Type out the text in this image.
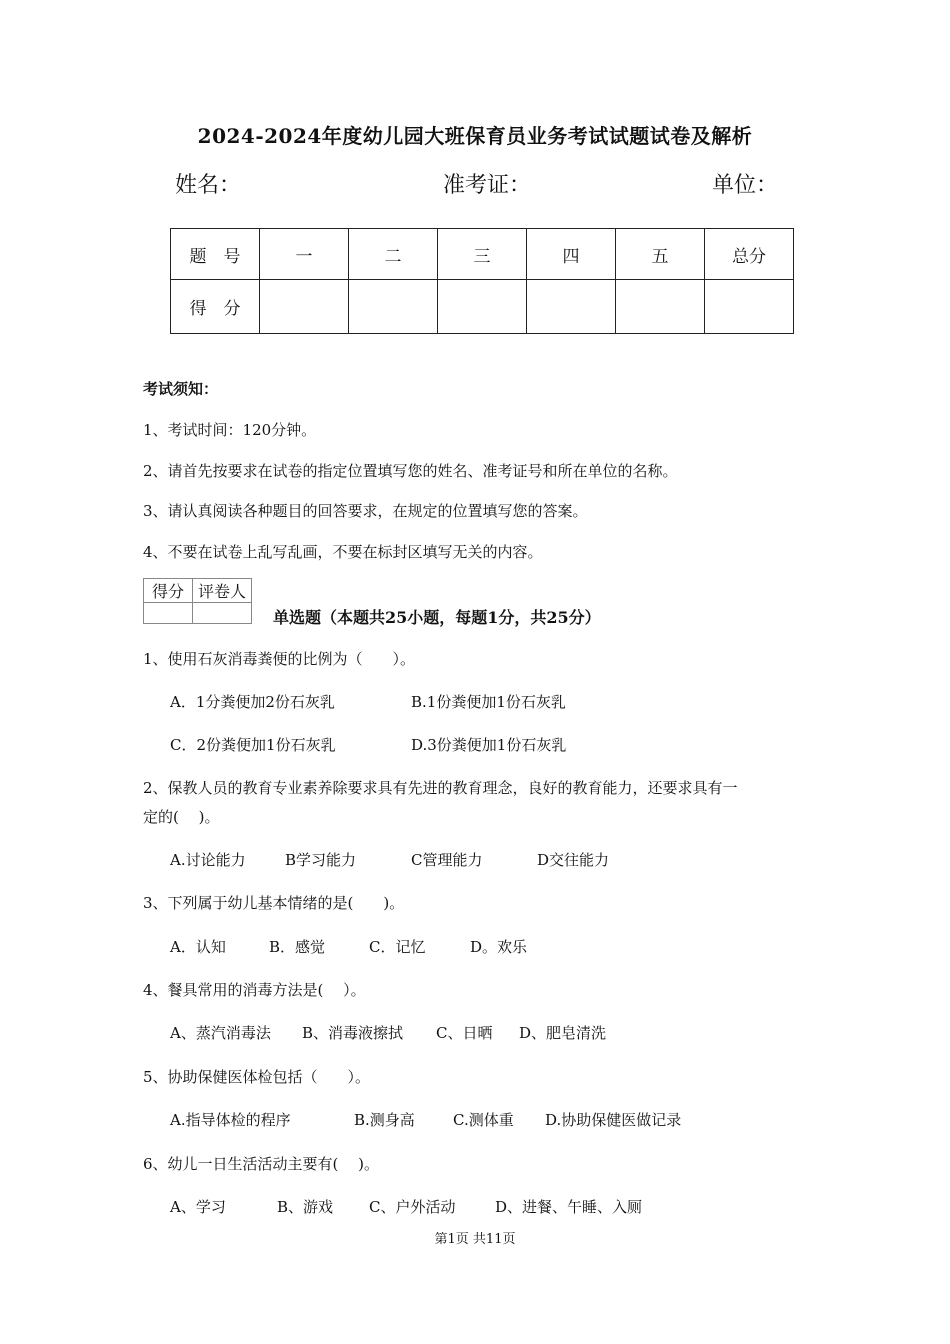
2024-2024年度幼儿园大班保育员业务考试试题试卷及解析
姓名：	准考证：	单位：
题　号	一	二	三	四	五	总分
得　分						
考试须知：
1、考试时间：120分钟。
2、请首先按要求在试卷的指定位置填写您的姓名、准考证号和所在单位的名称。
3、请认真阅读各种题目的回答要求，在规定的位置填写您的答案。
4、不要在试卷上乱写乱画，不要在标封区填写无关的内容。
得分	评卷人

单选题（本题共25小题，每题1分，共25分）
1、使用石灰消毒粪便的比例为（　　）。
A．1分粪便加2份石灰乳	B.1份粪便加1份石灰乳
C．2份粪便加1份石灰乳	D.3份粪便加1份石灰乳
2、保教人员的教育专业素养除要求具有先进的教育理念，良好的教育能力，还要求具有一
定的(　 )。
A.讨论能力	B学习能力	C管理能力	D交往能力
3、下列属于幼儿基本情绪的是(　　)。
A．认知	B．感觉	C．记忆	D。欢乐
4、餐具常用的消毒方法是(　 ）。
A、蒸汽消毒法 B、消毒液擦拭 C、日晒 D、肥皂清洗
5、协助保健医体检包括（　　）。
A.指导体检的程序	B.测身高	C.测体重 D.协助保健医做记录
6、幼儿一日生活活动主要有(　 )。
A、学习	B、游戏 C、户外活动	D、进餐、午睡、入厕
第1页 共11页
